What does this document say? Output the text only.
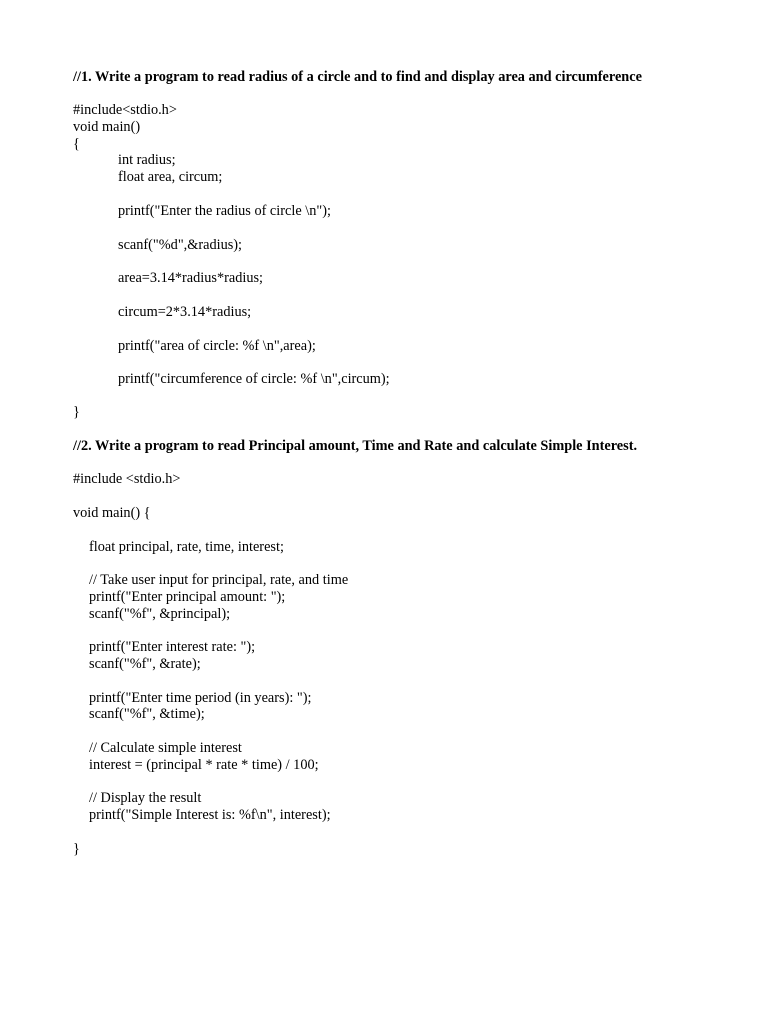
//1. Write a program to read radius of a circle and to find and display area and circumference
#include<stdio.h>
void main()
{
int radius;
float area, circum;
printf("Enter the radius of circle \n");
scanf("%d",&radius);
area=3.14*radius*radius;
circum=2*3.14*radius;
printf("area of circle: %f \n",area);
printf("circumference of circle: %f \n",circum);
}
//2. Write a program to read Principal amount, Time and Rate and calculate Simple Interest.
#include <stdio.h>
void main() {
float principal, rate, time, interest;
// Take user input for principal, rate, and time
printf("Enter principal amount: ");
scanf("%f", &principal);
printf("Enter interest rate: ");
scanf("%f", &rate);
printf("Enter time period (in years): ");
scanf("%f", &time);
// Calculate simple interest
interest = (principal * rate * time) / 100;
// Display the result
printf("Simple Interest is: %f\n", interest);
}
